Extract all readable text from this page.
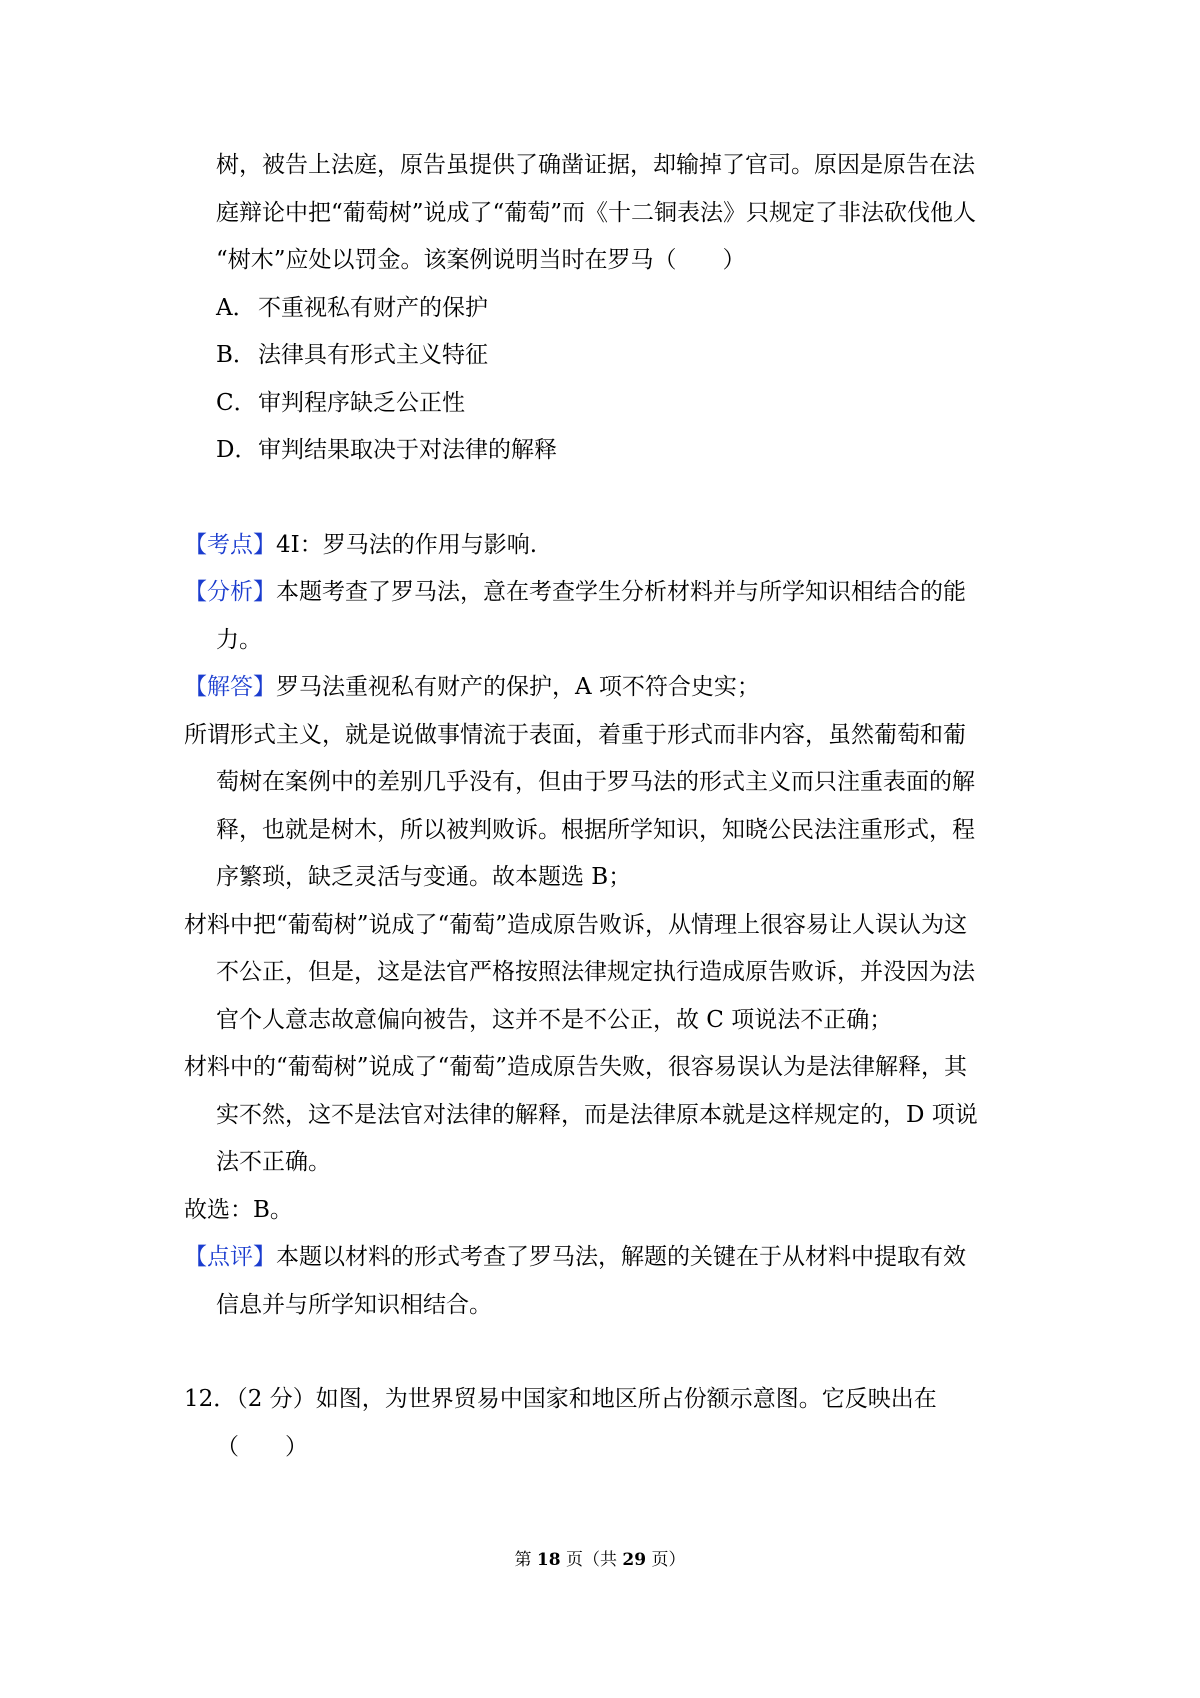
树，被告上法庭，原告虽提供了确凿证据，却输掉了官司。原因是原告在法
庭辩论中把“葡萄树”说成了“葡萄”而《十二铜表法》只规定了非法砍伐他人
“树木”应处以罚金。该案例说明当时在罗马（　　）
A． 不重视私有财产的保护
B．法律具有形式主义特征
C．审判程序缺乏公正性
D．审判结果取决于对法律的解释
【考点】4I：罗马法的作用与影响.
【分析】本题考查了罗马法，意在考查学生分析材料并与所学知识相结合的能
力。
【解答】罗马法重视私有财产的保护，A 项不符合史实；
所谓形式主义，就是说做事情流于表面，着重于形式而非内容，虽然葡萄和葡
萄树在案例中的差别几乎没有，但由于罗马法的形式主义而只注重表面的解
释，也就是树木，所以被判败诉。根据所学知识，知晓公民法注重形式，程
序繁琐，缺乏灵活与变通。故本题选 B；
材料中把“葡萄树”说成了“葡萄”造成原告败诉，从情理上很容易让人误认为这
不公正，但是，这是法官严格按照法律规定执行造成原告败诉，并没因为法
官个人意志故意偏向被告，这并不是不公正，故 C 项说法不正确；
材料中的“葡萄树”说成了“葡萄”造成原告失败，很容易误认为是法律解释，其
实不然，这不是法官对法律的解释，而是法律原本就是这样规定的，D 项说
法不正确。
故选：B。
【点评】本题以材料的形式考查了罗马法，解题的关键在于从材料中提取有效
信息并与所学知识相结合。
12．（2 分）如图，为世界贸易中国家和地区所占份额示意图。它反映出在
（　　）
第 18 页（共 29 页）
